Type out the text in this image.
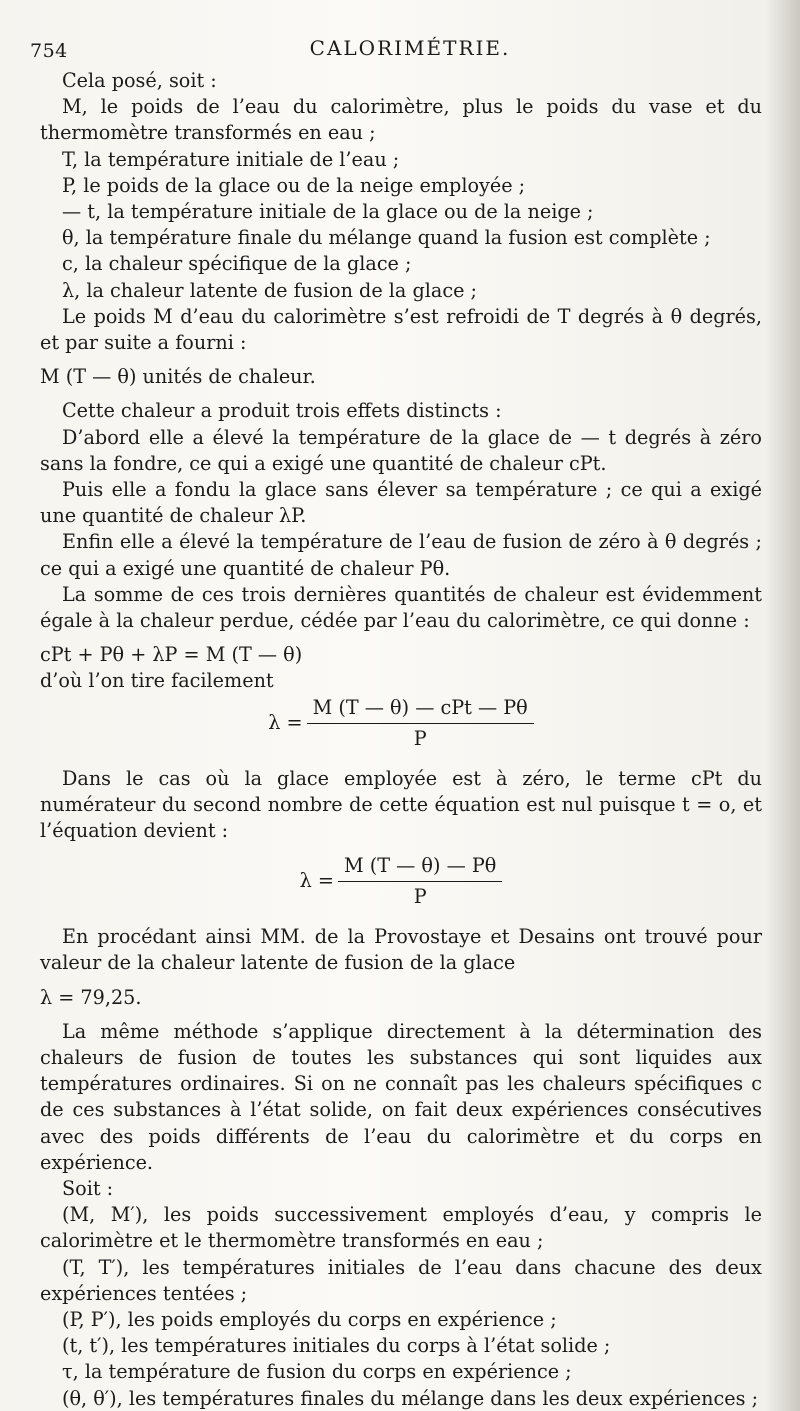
754	CALORIMÉTRIE.

Cela posé, soit :

M, le poids de l’eau du calorimètre, plus le poids du vase et du thermomètre transformés en eau ;

T, la température initiale de l’eau ;

P, le poids de la glace ou de la neige employée ;

— t, la température initiale de la glace ou de la neige ;

θ, la température finale du mélange quand la fusion est complète ;

c, la chaleur spécifique de la glace ;

λ, la chaleur latente de fusion de la glace ;

Le poids M d’eau du calorimètre s’est refroidi de T degrés à θ degrés, et par suite a fourni :

M (T — θ) unités de chaleur.

Cette chaleur a produit trois effets distincts :

D’abord elle a élevé la température de la glace de — t degrés à zéro sans la fondre, ce qui a exigé une quantité de chaleur cPt.

Puis elle a fondu la glace sans élever sa température ; ce qui a exigé une quantité de chaleur λP.

Enfin elle a élevé la température de l’eau de fusion de zéro à θ degrés ; ce qui a exigé une quantité de chaleur Pθ.

La somme de ces trois dernières quantités de chaleur est évidemment égale à la chaleur perdue, cédée par l’eau du calorimètre, ce qui donne :

cPt + Pθ + λP = M (T — θ)

d’où l’on tire facilement

$\lambda = \frac{\text{M (T — θ) — cPt — Pθ}}{P}$

Dans le cas où la glace employée est à zéro, le terme cPt du numérateur du second nombre de cette équation est nul puisque t = o, et l’équation devient :

$\lambda = \frac{M (T — \theta) — P\theta}{P}$

En procédant ainsi MM. de la Provostaye et Desains ont trouvé pour valeur de la chaleur latente de fusion de la glace

λ = 79,25.

La même méthode s’applique directement à la détermination des chaleurs de fusion de toutes les substances qui sont liquides aux températures ordinaires. Si on ne connaît pas les chaleurs spécifiques c de ces substances à l’état solide, on fait deux expériences consécutives avec des poids différents de l’eau du calorimètre et du corps en expérience.

Soit :

(M, M′), les poids successivement employés d’eau, y compris le calorimètre et le thermomètre transformés en eau ;

(T, T′), les températures initiales de l’eau dans chacune des deux expériences tentées ;

(P, P′), les poids employés du corps en expérience ;

(t, t′), les températures initiales du corps à l’état solide ;

τ, la température de fusion du corps en expérience ;

(θ, θ′), les températures finales du mélange dans les deux expériences ;
